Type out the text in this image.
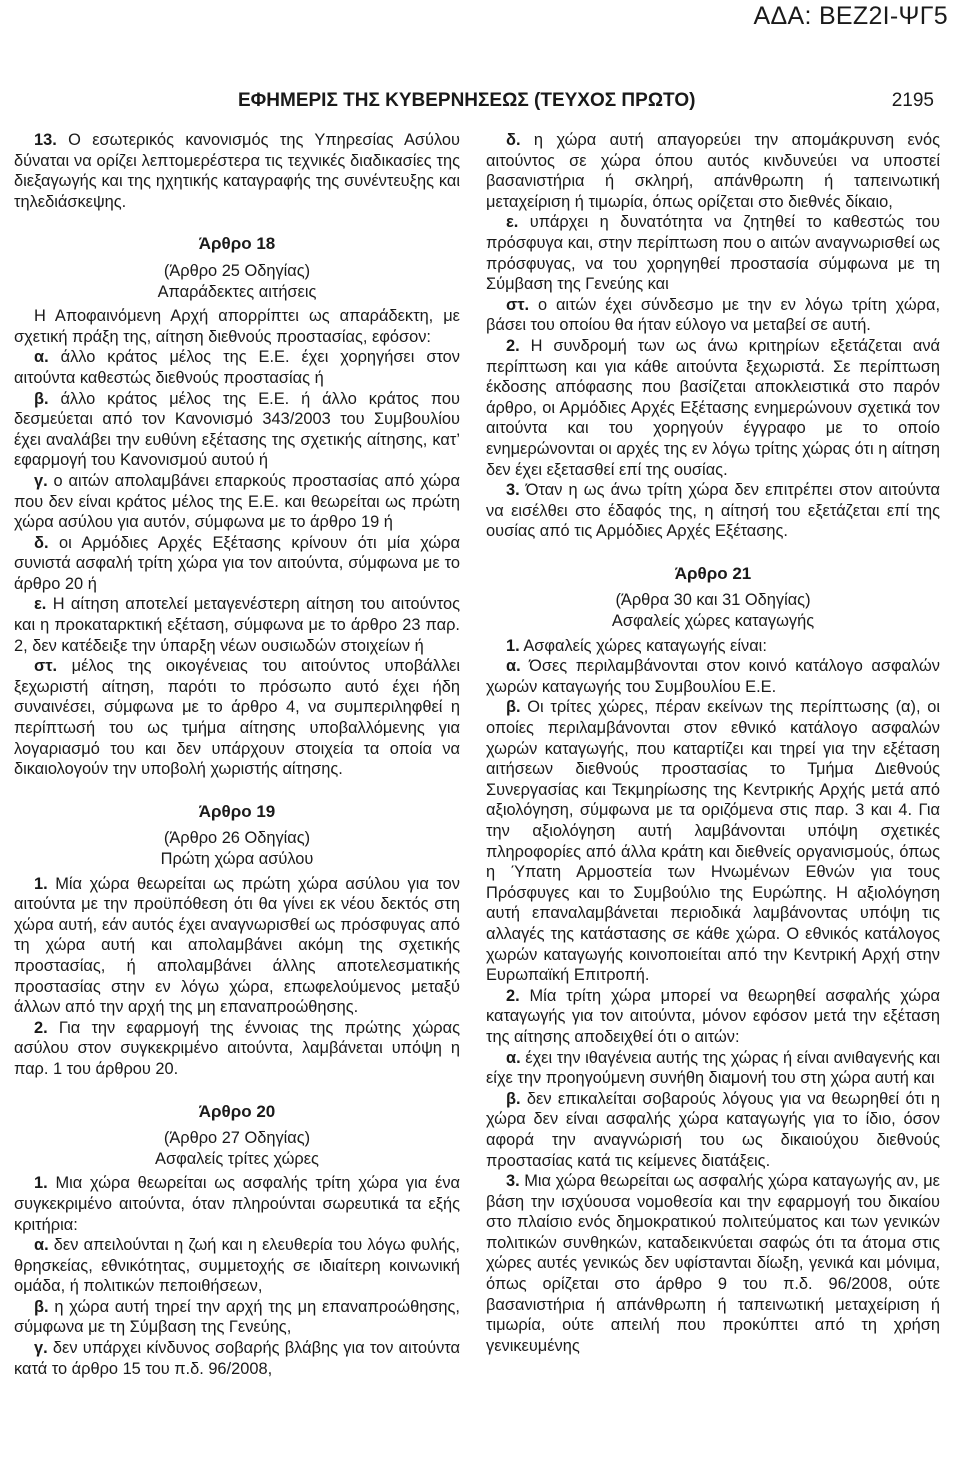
ΑΔΑ: ΒΕΖ2Ι-ΨΓ5
ΕΦΗΜΕΡΙΣ ΤΗΣ ΚΥΒΕΡΝΗΣΕΩΣ (ΤΕΥΧΟΣ ΠΡΩΤΟ)	2195

13. Ο εσωτερικός κανονισμός της Υπηρεσίας Ασύλου δύναται να ορίζει λεπτομερέστερα τις τεχνικές διαδικασίες της διεξαγωγής και της ηχητικής καταγραφής της συνέντευξης και τηλεδιάσκεψης.

Άρθρο 18

(Άρθρο 25 Οδηγίας)

Απαράδεκτες αιτήσεις

Η Αποφαινόμενη Αρχή απορρίπτει ως απαράδεκτη, με σχετική πράξη της, αίτηση διεθνούς προστασίας, εφόσον:

α. άλλο κράτος μέλος της Ε.Ε. έχει χορηγήσει στον αιτούντα καθεστώς διεθνούς προστασίας ή

β. άλλο κράτος μέλος της Ε.Ε. ή άλλο κράτος που δεσμεύεται από τον Κανονισμό 343/2003 του Συμβουλίου έχει αναλάβει την ευθύνη εξέτασης της σχετικής αίτησης, κατ’ εφαρμογή του Κανονισμού αυτού ή

γ. ο αιτών απολαμβάνει επαρκούς προστασίας από χώρα που δεν είναι κράτος μέλος της Ε.Ε. και θεωρείται ως πρώτη χώρα ασύλου για αυτόν, σύμφωνα με το άρθρο 19 ή

δ. οι Αρμόδιες Αρχές Εξέτασης κρίνουν ότι μία χώρα συνιστά ασφαλή τρίτη χώρα για τον αιτούντα, σύμφωνα με το άρθρο 20 ή

ε. Η αίτηση αποτελεί μεταγενέστερη αίτηση του αιτούντος και η προκαταρκτική εξέταση, σύμφωνα με το άρθρο 23 παρ. 2, δεν κατέδειξε την ύπαρξη νέων ουσιωδών στοιχείων ή

στ. μέλος της οικογένειας του αιτούντος υποβάλλει ξεχωριστή αίτηση, παρότι το πρόσωπο αυτό έχει ήδη συναινέσει, σύμφωνα με το άρθρο 4, να συμπεριληφθεί η περίπτωσή του ως τμήμα αίτησης υποβαλλόμενης για λογαριασμό του και δεν υπάρχουν στοιχεία τα οποία να δικαιολογούν την υποβολή χωριστής αίτησης.

Άρθρο 19

(Άρθρο 26 Οδηγίας)

Πρώτη χώρα ασύλου

1. Μία χώρα θεωρείται ως πρώτη χώρα ασύλου για τον αιτούντα με την προϋπόθεση ότι θα γίνει εκ νέου δεκτός στη χώρα αυτή, εάν αυτός έχει αναγνωρισθεί ως πρόσφυγας από τη χώρα αυτή και απολαμβάνει ακόμη της σχετικής προστασίας, ή απολαμβάνει άλλης αποτελεσματικής προστασίας στην εν λόγω χώρα, επωφελούμενος μεταξύ άλλων από την αρχή της μη επαναπροώθησης.

2. Για την εφαρμογή της έννοιας της πρώτης χώρας ασύλου στον συγκεκριμένο αιτούντα, λαμβάνεται υπόψη η παρ. 1 του άρθρου 20.

Άρθρο 20

(Άρθρο 27 Οδηγίας)

Ασφαλείς τρίτες χώρες

1. Μια χώρα θεωρείται ως ασφαλής τρίτη χώρα για ένα συγκεκριμένο αιτούντα, όταν πληρούνται σωρευτικά τα εξής κριτήρια:

α. δεν απειλούνται η ζωή και η ελευθερία του λόγω φυλής, θρησκείας, εθνικότητας, συμμετοχής σε ιδιαίτερη κοινωνική ομάδα, ή πολιτικών πεποιθήσεων,

β. η χώρα αυτή τηρεί την αρχή της μη επαναπροώθησης, σύμφωνα με τη Σύμβαση της Γενεύης,

γ. δεν υπάρχει κίνδυνος σοβαρής βλάβης για τον αιτούντα κατά το άρθρο 15 του π.δ. 96/2008,

δ. η χώρα αυτή απαγορεύει την απομάκρυνση ενός αιτούντος σε χώρα όπου αυτός κινδυνεύει να υποστεί βασανιστήρια ή σκληρή, απάνθρωπη ή ταπεινωτική μεταχείριση ή τιμωρία, όπως ορίζεται στο διεθνές δίκαιο,

ε. υπάρχει η δυνατότητα να ζητηθεί το καθεστώς του πρόσφυγα και, στην περίπτωση που ο αιτών αναγνωρισθεί ως πρόσφυγας, να του χορηγηθεί προστασία σύμφωνα με τη Σύμβαση της Γενεύης και

στ. ο αιτών έχει σύνδεσμο με την εν λόγω τρίτη χώρα, βάσει του οποίου θα ήταν εύλογο να μεταβεί σε αυτή.

2. Η συνδρομή των ως άνω κριτηρίων εξετάζεται ανά περίπτωση και για κάθε αιτούντα ξεχωριστά. Σε περίπτωση έκδοσης απόφασης που βασίζεται αποκλειστικά στο παρόν άρθρο, οι Αρμόδιες Αρχές Εξέτασης ενημερώνουν σχετικά τον αιτούντα και του χορηγούν έγγραφο με το οποίο ενημερώνονται οι αρχές της εν λόγω τρίτης χώρας ότι η αίτηση δεν έχει εξετασθεί επί της ουσίας.

3. Όταν η ως άνω τρίτη χώρα δεν επιτρέπει στον αιτούντα να εισέλθει στο έδαφός της, η αίτησή του εξετάζεται επί της ουσίας από τις Αρμόδιες Αρχές Εξέτασης.

Άρθρο 21

(Άρθρα 30 και 31 Οδηγίας)

Ασφαλείς χώρες καταγωγής

1. Ασφαλείς χώρες καταγωγής είναι:

α. Όσες περιλαμβάνονται στον κοινό κατάλογο ασφαλών χωρών καταγωγής του Συμβουλίου Ε.Ε.

β. Οι τρίτες χώρες, πέραν εκείνων της περίπτωσης (α), οι οποίες περιλαμβάνονται στον εθνικό κατάλογο ασφαλών χωρών καταγωγής, που καταρτίζει και τηρεί για την εξέταση αιτήσεων διεθνούς προστασίας το Τμήμα Διεθνούς Συνεργασίας και Τεκμηρίωσης της Κεντρικής Αρχής μετά από αξιολόγηση, σύμφωνα με τα οριζόμενα στις παρ. 3 και 4. Για την αξιολόγηση αυτή λαμβάνονται υπόψη σχετικές πληροφορίες από άλλα κράτη και διεθνείς οργανισμούς, όπως η Ύπατη Αρμοστεία των Ηνωμένων Εθνών για τους Πρόσφυγες και το Συμβούλιο της Ευρώπης. Η αξιολόγηση αυτή επαναλαμβάνεται περιοδικά λαμβάνοντας υπόψη τις αλλαγές της κατάστασης σε κάθε χώρα. Ο εθνικός κατάλογος χωρών καταγωγής κοινοποιείται από την Κεντρική Αρχή στην Ευρωπαϊκή Επιτροπή.

2. Μία τρίτη χώρα μπορεί να θεωρηθεί ασφαλής χώρα καταγωγής για τον αιτούντα, μόνον εφόσον μετά την εξέταση της αίτησης αποδειχθεί ότι ο αιτών:

α. έχει την ιθαγένεια αυτής της χώρας ή είναι ανιθαγενής και είχε την προηγούμενη συνήθη διαμονή του στη χώρα αυτή και

β. δεν επικαλείται σοβαρούς λόγους για να θεωρηθεί ότι η χώρα δεν είναι ασφαλής χώρα καταγωγής για το ίδιο, όσον αφορά την αναγνώρισή του ως δικαιούχου διεθνούς προστασίας κατά τις κείμενες διατάξεις.

3. Μια χώρα θεωρείται ως ασφαλής χώρα καταγωγής αν, με βάση την ισχύουσα νομοθεσία και την εφαρμογή του δικαίου στο πλαίσιο ενός δημοκρατικού πολιτεύματος και των γενικών πολιτικών συνθηκών, καταδεικνύεται σαφώς ότι τα άτομα στις χώρες αυτές γενικώς δεν υφίστανται δίωξη, γενικά και μόνιμα, όπως ορίζεται στο άρθρο 9 του π.δ. 96/2008, ούτε βασανιστήρια ή απάνθρωπη ή ταπεινωτική μεταχείριση ή τιμωρία, ούτε απειλή που προκύπτει από τη χρήση γενικευμένης
